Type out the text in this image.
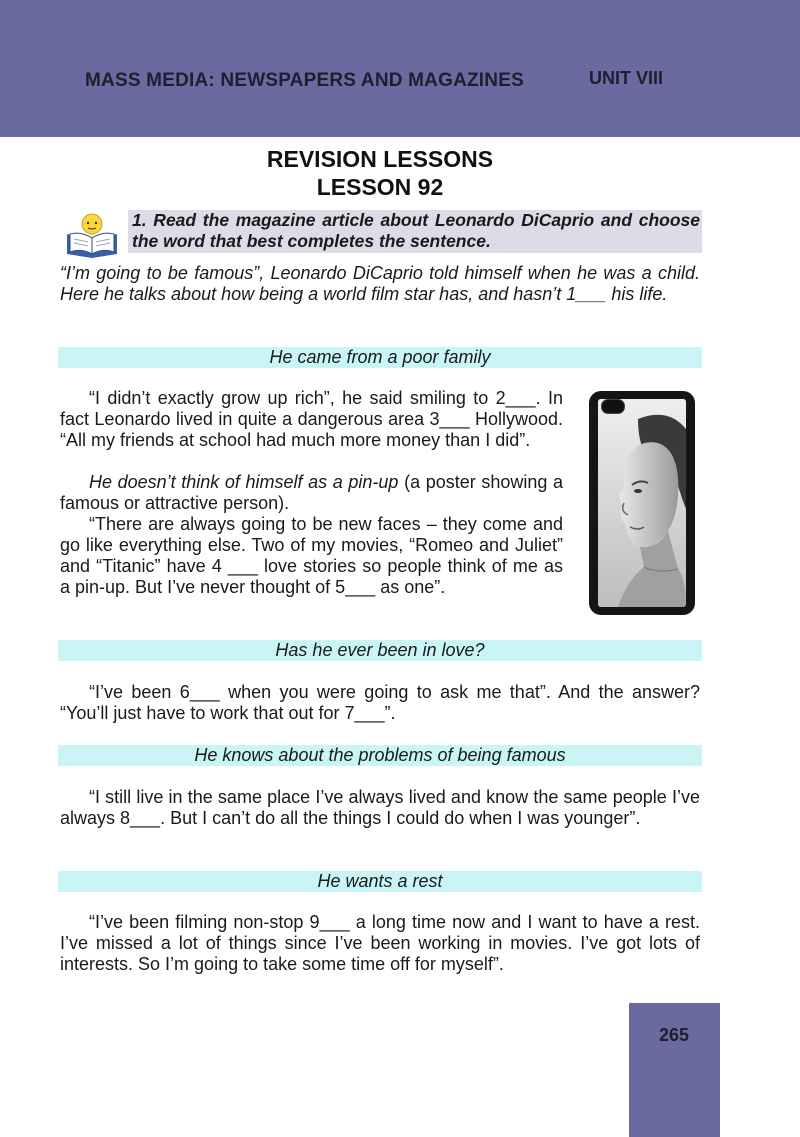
MASS MEDIA: NEWSPAPERS AND MAGAZINES	UNIT VIII
REVISION LESSONS
LESSON 92
1. Read the magazine article about Leonardo DiCaprio and choose the word that best completes the sentence.
“I’m going to be famous”, Leonardo DiCaprio told himself when he was a child. Here he talks about how being a world film star has, and hasn’t 1___ his life.
He came from a poor family
“I didn’t exactly grow up rich”, he said smiling to 2___. In fact Leonardo lived in quite a dangerous area 3___ Hollywood. “All my friends at school had much more money than I did”.
He doesn’t think of himself as a pin-up (a poster showing a famous or attractive person).
“There are always going to be new faces – they come and go like everything else. Two of my movies, “Romeo and Juliet” and “Titanic” have 4 ___ love stories so people think of me as a pin-up. But I’ve never thought of 5___ as one”.
Has he ever been in love?
“I’ve been 6___ when you were going to ask me that”. And the answer? “You’ll just have to work that out for 7___”.
He knows about the problems of being famous
“I still live in the same place I’ve always lived and know the same people I’ve always 8___. But I can’t do all the things I could do when I was younger”.
He wants a rest
“I’ve been filming non-stop 9___ a long time now and I want to have a rest. I’ve missed a lot of things since I’ve been working in movies. I’ve got lots of interests. So I’m going to take some time off for myself”.
265
